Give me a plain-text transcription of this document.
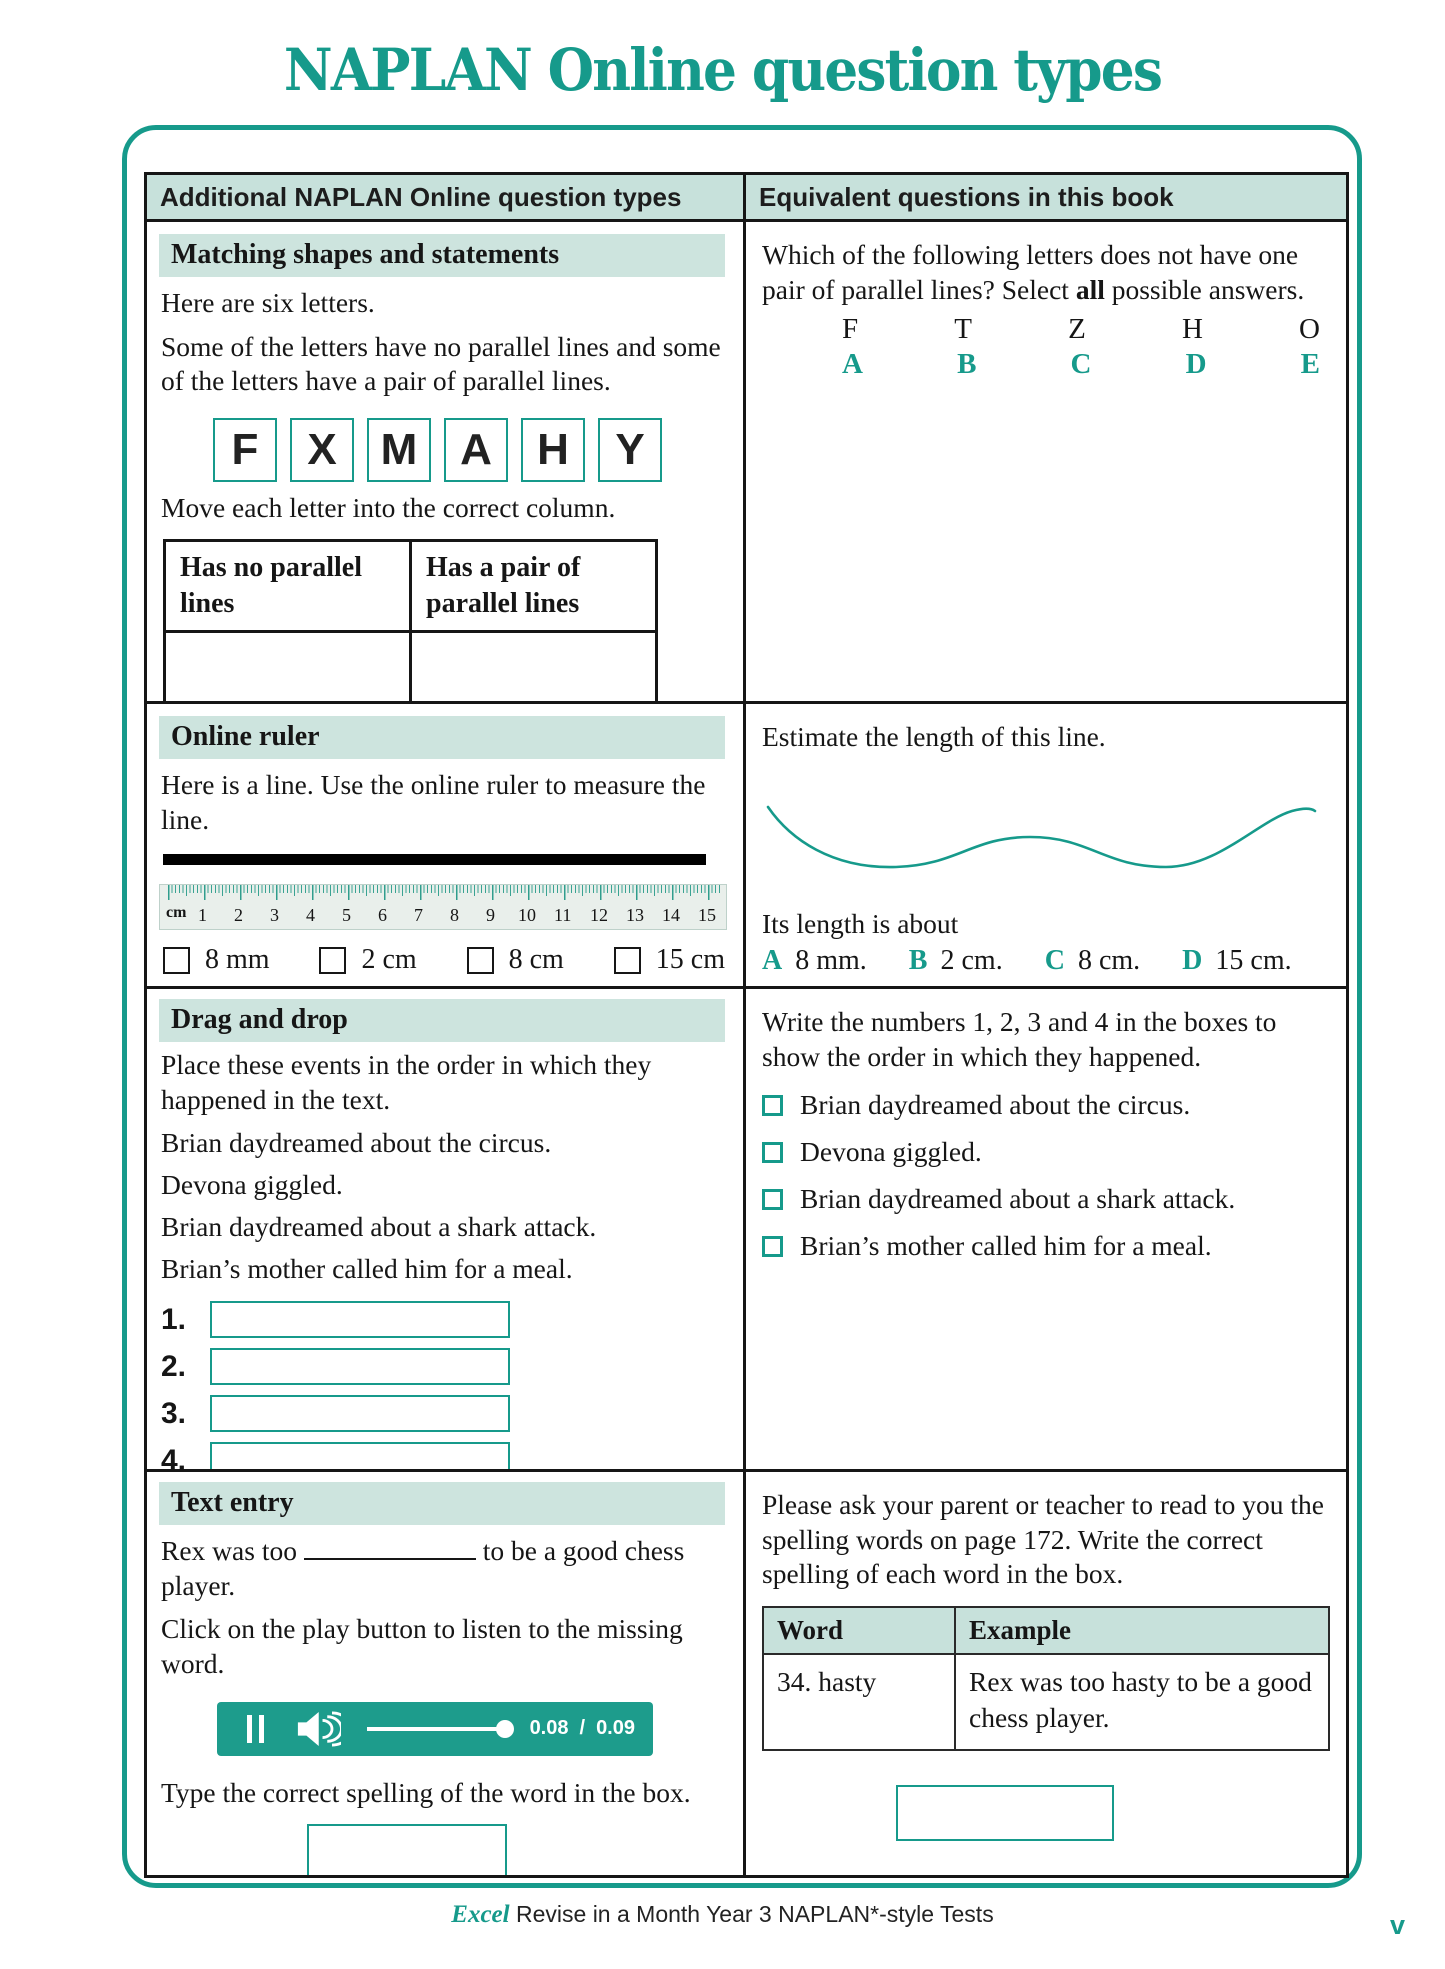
NAPLAN Online question types
Additional NAPLAN Online question types	Equivalent questions in this book
Matching shapes and statements

Here are six letters.

Some of the letters have no parallel lines and some of the letters have a pair of parallel lines.

F	X	M A	H	Y

Move each letter into the correct column.

Has no parallel lines	Has a pair of parallel lines

Which of the following letters does not have one pair of parallel lines? Select all possible answers.

F	T	Z	H	O
A	B	C	D	E
Online ruler

Here is a line. Use the online ruler to measure the line.

cm 1 2 3 4 5 6 7 8 9 10 11 12 13 14 15
8 mm	2 cm	8 cm	15 cm

Estimate the length of this line.

Its length is about

A 8 mm. B 2 cm. C 8 cm. D 15 cm.
Drag and drop

Place these events in the order in which they happened in the text.

Brian daydreamed about the circus.

Devona giggled.

Brian daydreamed about a shark attack.

Brian’s mother called him for a meal.

1.
2.
3.
4.

Write the numbers 1, 2, 3 and 4 in the boxes to show the order in which they happened.

Brian daydreamed about the circus.
Devona giggled.
Brian daydreamed about a shark attack.
Brian’s mother called him for a meal.
Text entry

Rex was too	to be a good chess player.

Click on the play button to listen to the missing word.

0.08 / 0.09

Type the correct spelling of the word in the box.

Please ask your parent or teacher to read to you the spelling words on page 172. Write the correct spelling of each word in the box.

Word	Example
34. hasty	Rex was too hasty to be a good chess player.
Excel Revise in a Month Year 3 NAPLAN*-style Tests	v
